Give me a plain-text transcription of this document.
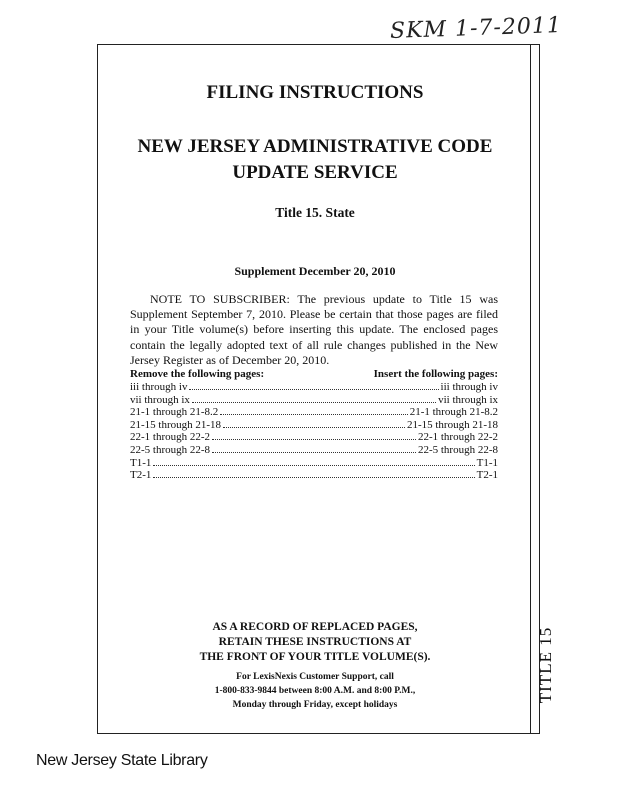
SKM 1-7-2011
TITLE 15
FILING INSTRUCTIONS
NEW JERSEY ADMINISTRATIVE CODE
UPDATE SERVICE
Title 15. State
Supplement December 20, 2010
NOTE TO SUBSCRIBER: The previous update to Title 15 was Supplement September 7, 2010. Please be certain that those pages are filed in your Title volume(s) before inserting this update. The enclosed pages contain the legally adopted text of all rule changes published in the New Jersey Register as of December 20, 2010.
Remove the following pages:	Insert the following pages:
iii through iv	iii through iv
vii through ix	vii through ix
21-1 through 21-8.2	21-1 through 21-8.2
21-15 through 21-18	21-15 through 21-18
22-1 through 22-2	22-1 through 22-2
22-5 through 22-8	22-5 through 22-8
T1-1	T1-1
T2-1	T2-1
AS A RECORD OF REPLACED PAGES,
RETAIN THESE INSTRUCTIONS AT
THE FRONT OF YOUR TITLE VOLUME(S).
For LexisNexis Customer Support, call
1-800-833-9844 between 8:00 A.M. and 8:00 P.M.,
Monday through Friday, except holidays
New Jersey State Library
